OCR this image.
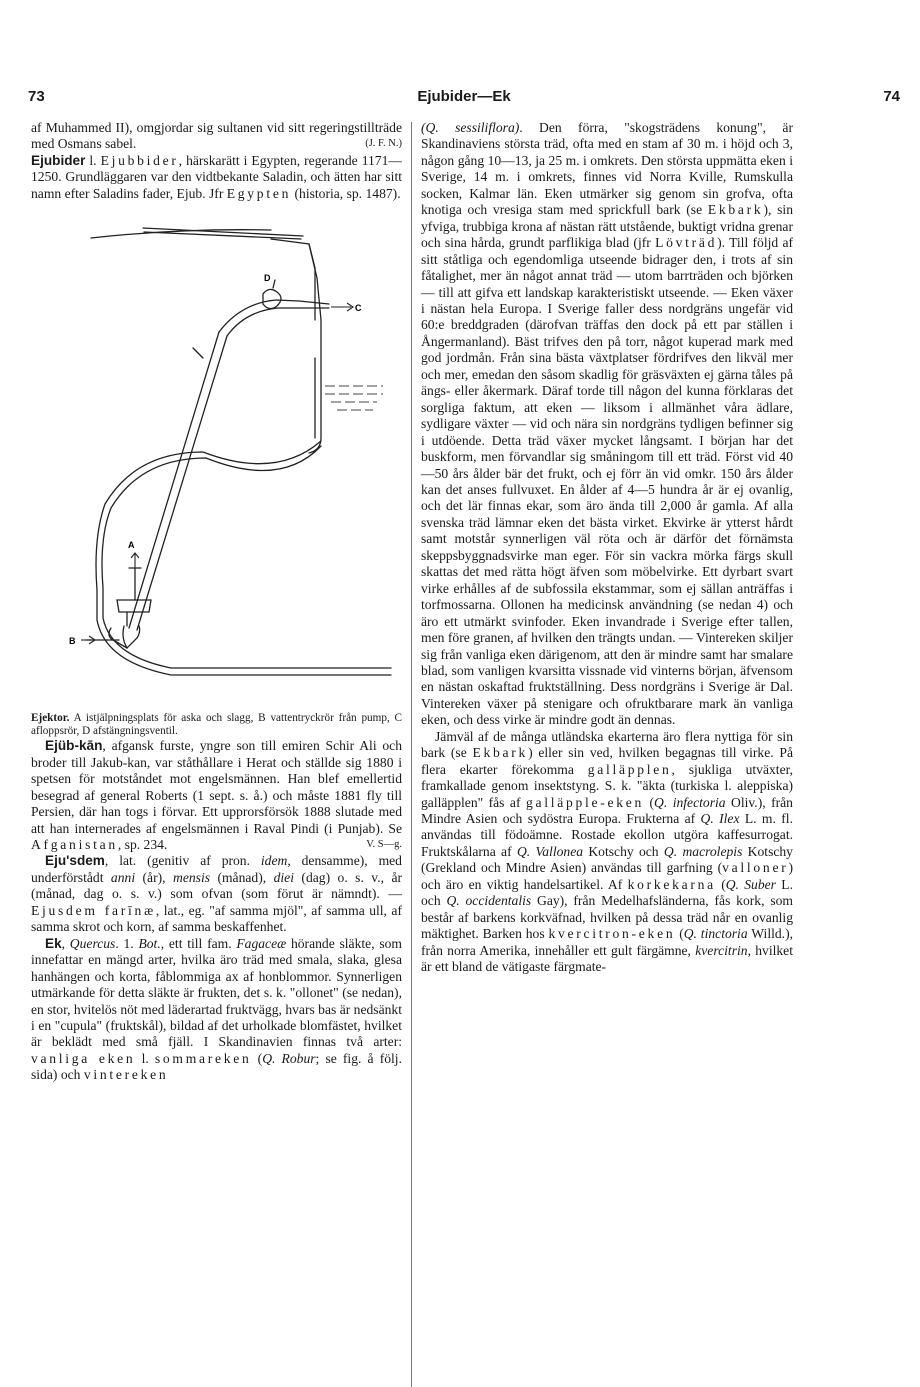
73	Ejubider—Ek	74

af Muhammed II), omgjordar sig sultanen vid sitt regeringstillträde med Osmans sabel.	(J. F. N.)

Ejubider l. Ejubbider, härskarätt i Egypten, regerande 1171—1250. Grundläggaren var den vidtbekante Saladin, och ätten har sitt namn efter Saladins fader, Ejub. Jfr Egypten (historia, sp. 1487).

D
C
A
B

Ejektor. A istjälpningsplats för aska och slagg, B vattentryckrör från pump, C afloppsrör, D afstängningsventil.

Ejüb-kān, afgansk furste, yngre son till emiren Schir Ali och broder till Jakub-kan, var ståthållare i Herat och ställde sig 1880 i spetsen för motståndet mot engelsmännen. Han blef emellertid besegrad af general Roberts (1 sept. s. å.) och måste 1881 fly till Persien, där han togs i förvar. Ett upprorsförsök 1888 slutade med att han internerades af engelsmännen i Raval Pindi (i Punjab). Se Afganistan, sp. 234.	V. S—g.

Eju'sdem, lat. (genitiv af pron. idem, densamme), med underförstådt anni (år), mensis (månad), diei (dag) o. s. v., år (månad, dag o. s. v.) som ofvan (som förut är nämndt). — Ejusdem farīnæ, lat., eg. "af samma mjöl", af samma ull, af samma skrot och korn, af samma beskaffenhet.

Ek, Quercus. 1. Bot., ett till fam. Fagaceæ hörande släkte, som innefattar en mängd arter, hvilka äro träd med smala, slaka, glesa hanhängen och korta, fåblommiga ax af honblommor. Synnerligen utmärkande för detta släkte är frukten, det s. k. "ollonet" (se nedan), en stor, hvitelös nöt med läderartad fruktvägg, hvars bas är nedsänkt i en "cupula" (fruktskål), bildad af det urholkade blomfästet, hvilket är beklädt med små fjäll. I Skandinavien finnas två arter: vanliga eken l. sommareken (Q. Robur; se fig. å följ. sida) och vintereken

(Q. sessiliflora). Den förra, "skogsträdens konung", är Skandinaviens största träd, ofta med en stam af 30 m. i höjd och 3, någon gång 10—13, ja 25 m. i omkrets. Den största uppmätta eken i Sverige, 14 m. i omkrets, finnes vid Norra Kville, Rumskulla socken, Kalmar län. Eken utmärker sig genom sin grofva, ofta knotiga och vresiga stam med sprickfull bark (se Ekbark), sin yfviga, trubbiga krona af nästan rätt utstående, buktigt vridna grenar och sina hårda, grundt parflikiga blad (jfr Lövträd). Till följd af sitt ståtliga och egendomliga utseende bidrager den, i trots af sin fåtalighet, mer än något annat träd — utom barrträden och björken — till att gifva ett landskap karakteristiskt utseende. — Eken växer i nästan hela Europa. I Sverige faller dess nordgräns ungefär vid 60:e breddgraden (därofvan träffas den dock på ett par ställen i Ångermanland). Bäst trifves den på torr, något kuperad mark med god jordmån. Från sina bästa växtplatser fördrifves den likväl mer och mer, emedan den såsom skadlig för gräsväxten ej gärna tåles på ängs- eller åkermark. Däraf torde till någon del kunna förklaras det sorgliga faktum, att eken — liksom i allmänhet våra ädlare, sydligare växter — vid och nära sin nordgräns tydligen befinner sig i utdöende. Detta träd växer mycket långsamt. I början har det buskform, men förvandlar sig småningom till ett träd. Först vid 40—50 års ålder bär det frukt, och ej förr än vid omkr. 150 års ålder kan det anses fullvuxet. En ålder af 4—5 hundra år är ej ovanlig, och det lär finnas ekar, som äro ända till 2,000 år gamla. Af alla svenska träd lämnar eken det bästa virket. Ekvirke är ytterst hårdt samt motstår synnerligen väl röta och är därför det förnämsta skeppsbyggnadsvirke man eger. För sin vackra mörka färgs skull skattas det med rätta högt äfven som möbelvirke. Ett dyrbart svart virke erhålles af de subfossila ekstammar, som ej sällan anträffas i torfmossarna. Ollonen ha medicinsk användning (se nedan 4) och äro ett utmärkt svinfoder. Eken invandrade i Sverige efter tallen, men före granen, af hvilken den trängts undan. — Vintereken skiljer sig från vanliga eken därigenom, att den är mindre samt har smalare blad, som vanligen kvarsitta vissnade vid vinterns början, äfvensom en nästan oskaftad fruktställning. Dess nordgräns i Sverige är Dal. Vintereken växer på stenigare och ofruktbarare mark än vanliga eken, och dess virke är mindre godt än dennas.

Jämväl af de många utländska ekarterna äro flera nyttiga för sin bark (se Ekbark) eller sin ved, hvilken begagnas till virke. På flera ekarter förekomma galläpplen, sjukliga utväxter, framkallade genom insektstyng. S. k. "äkta (turkiska l. aleppiska) galläpplen" fås af galläpple-eken (Q. infectoria Oliv.), från Mindre Asien och sydöstra Europa. Frukterna af Q. Ilex L. m. fl. användas till födoämne. Rostade ekollon utgöra kaffesurrogat. Fruktskålarna af Q. Vallonea Kotschy och Q. macrolepis Kotschy (Grekland och Mindre Asien) användas till garfning (valloner) och äro en viktig handelsartikel. Af korkekarna (Q. Suber L. och Q. occidentalis Gay), från Medelhafsländerna, fås kork, som består af barkens korkväfnad, hvilken på dessa träd når en ovanlig mäktighet. Barken hos kvercitron-eken (Q. tinctoria Willd.), från norra Amerika, innehåller ett gult färgämne, kvercitrin, hvilket är ett bland de vätigaste färgmate-
